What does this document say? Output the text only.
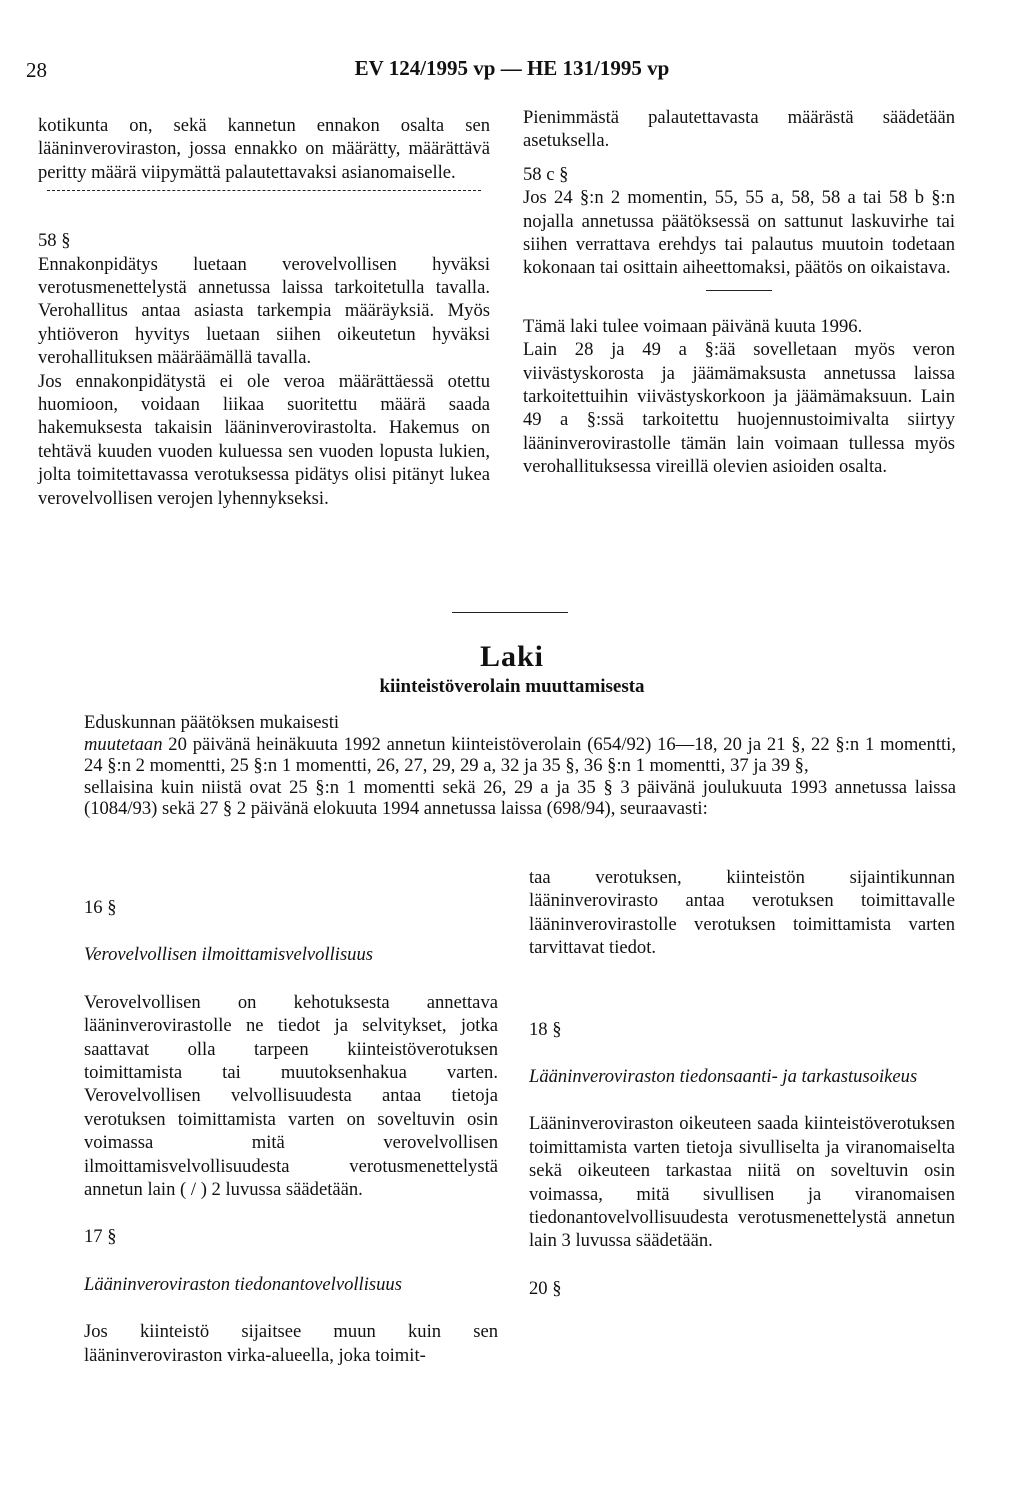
28	EV 124/1995 vp — HE 131/1995 vp

kotikunta on, sekä kannetun ennakon osalta sen lääninveroviraston, jossa ennakko on määrätty, määrättävä peritty määrä viipymättä palautettavaksi asianomaiselle.

58 §

Ennakonpidätys luetaan verovelvollisen hyväksi verotusmenettelystä annetussa laissa tarkoitetulla tavalla. Verohallitus antaa asiasta tarkempia määräyksiä. Myös yhtiöveron hyvitys luetaan siihen oikeutetun hyväksi verohallituksen määräämällä tavalla.

Jos ennakonpidätystä ei ole veroa määrättäessä otettu huomioon, voidaan liikaa suoritettu määrä saada hakemuksesta takaisin lääninverovirastolta. Hakemus on tehtävä kuuden vuoden kuluessa sen vuoden lopusta lukien, jolta toimitettavassa verotuksessa pidätys olisi pitänyt lukea verovelvollisen verojen lyhennykseksi.

Pienimmästä palautettavasta määrästä säädetään asetuksella.

58 c §

Jos 24 §:n 2 momentin, 55, 55 a, 58, 58 a tai 58 b §:n nojalla annetussa päätöksessä on sattunut laskuvirhe tai siihen verrattava erehdys tai palautus muutoin todetaan kokonaan tai osittain aiheettomaksi, päätös on oikaistava.

Tämä laki tulee voimaan päivänä kuuta 1996.

Lain 28 ja 49 a §:ää sovelletaan myös veron viivästyskorosta ja jäämämaksusta annetussa laissa tarkoitettuihin viivästyskorkoon ja jäämämaksuun. Lain 49 a §:ssä tarkoitettu huojennustoimivalta siirtyy lääninverovirastolle tämän lain voimaan tullessa myös verohallituksessa vireillä olevien asioiden osalta.

Laki
kiinteistöverolain muuttamisesta

Eduskunnan päätöksen mukaisesti

muutetaan 20 päivänä heinäkuuta 1992 annetun kiinteistöverolain (654/92) 16—18, 20 ja 21 §, 22 §:n 1 momentti, 24 §:n 2 momentti, 25 §:n 1 momentti, 26, 27, 29, 29 a, 32 ja 35 §, 36 §:n 1 momentti, 37 ja 39 §,

sellaisina kuin niistä ovat 25 §:n 1 momentti sekä 26, 29 a ja 35 § 3 päivänä joulukuuta 1993 annetussa laissa (1084/93) sekä 27 § 2 päivänä elokuuta 1994 annetussa laissa (698/94), seuraavasti:

16 §

Verovelvollisen ilmoittamisvelvollisuus

Verovelvollisen on kehotuksesta annettava lääninverovirastolle ne tiedot ja selvitykset, jotka saattavat olla tarpeen kiinteistöverotuksen toimittamista tai muutoksenhakua varten. Verovelvollisen velvollisuudesta antaa tietoja verotuksen toimittamista varten on soveltuvin osin voimassa mitä verovelvollisen ilmoittamisvelvollisuudesta verotusmenettelystä annetun lain ( / ) 2 luvussa säädetään.

17 §

Lääninveroviraston tiedonantovelvollisuus

Jos kiinteistö sijaitsee muun kuin sen lääninveroviraston virka-alueella, joka toimit-

taa verotuksen, kiinteistön sijaintikunnan lääninverovirasto antaa verotuksen toimittavalle lääninverovirastolle verotuksen toimittamista varten tarvittavat tiedot.

18 §

Lääninveroviraston tiedonsaanti- ja tarkastusoikeus

Lääninveroviraston oikeuteen saada kiinteistöverotuksen toimittamista varten tietoja sivulliselta ja viranomaiselta sekä oikeuteen tarkastaa niitä on soveltuvin osin voimassa, mitä sivullisen ja viranomaisen tiedonantovelvollisuudesta verotusmenettelystä annetun lain 3 luvussa säädetään.

20 §
